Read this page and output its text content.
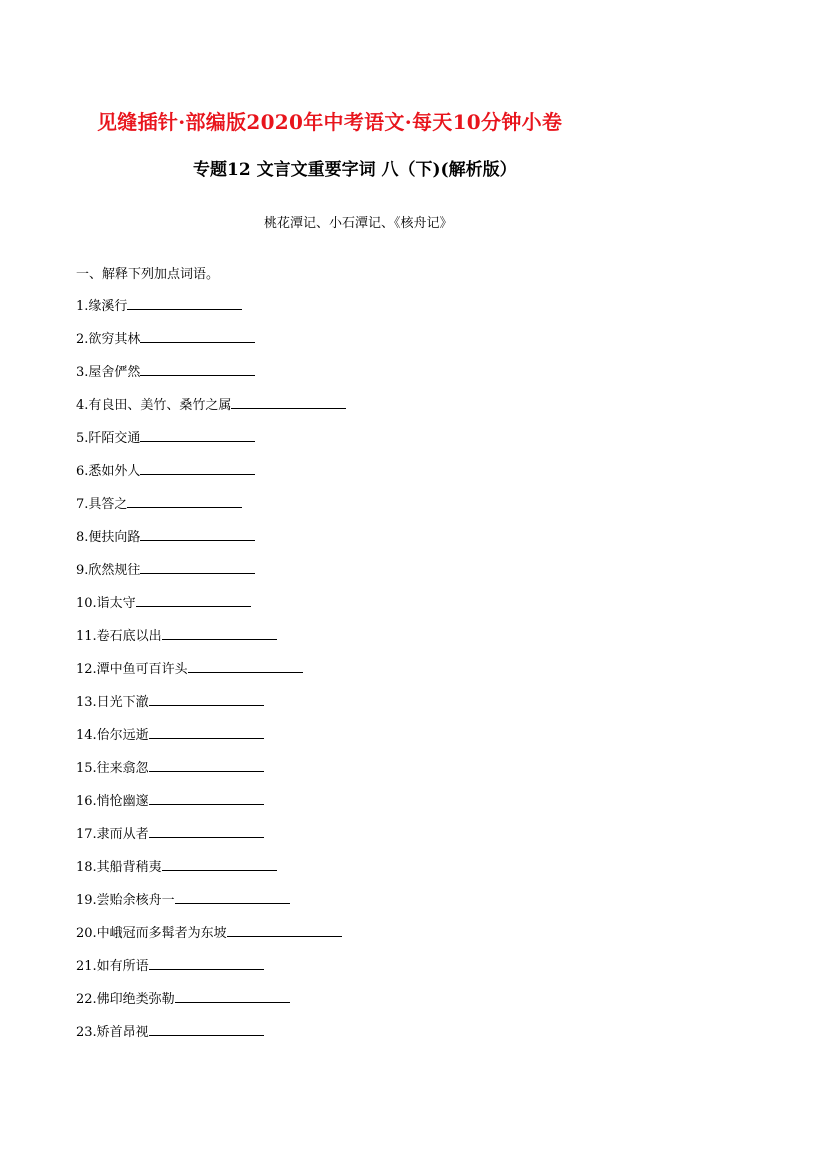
见缝插针·部编版2020年中考语文·每天10分钟小卷
专题12 文言文重要字词 八（下)(解析版）
桃花潭记、小石潭记、《核舟记》
一、解释下列加点词语。
1.缘溪行
2.欲穷其林
3.屋舍俨然
4.有良田、美竹、桑竹之属
5.阡陌交通
6.悉如外人
7.具答之
8.便扶向路
9.欣然规往
10.诣太守
11.卷石底以出
12.潭中鱼可百许头
13.日光下澈
14.佁尔远逝
15.往来翕忽
16.悄怆幽邃
17.隶而从者
18.其船背稍夷
19.尝贻余核舟一
20.中峨冠而多髯者为东坡
21.如有所语
22.佛印绝类弥勒
23.矫首昂视
